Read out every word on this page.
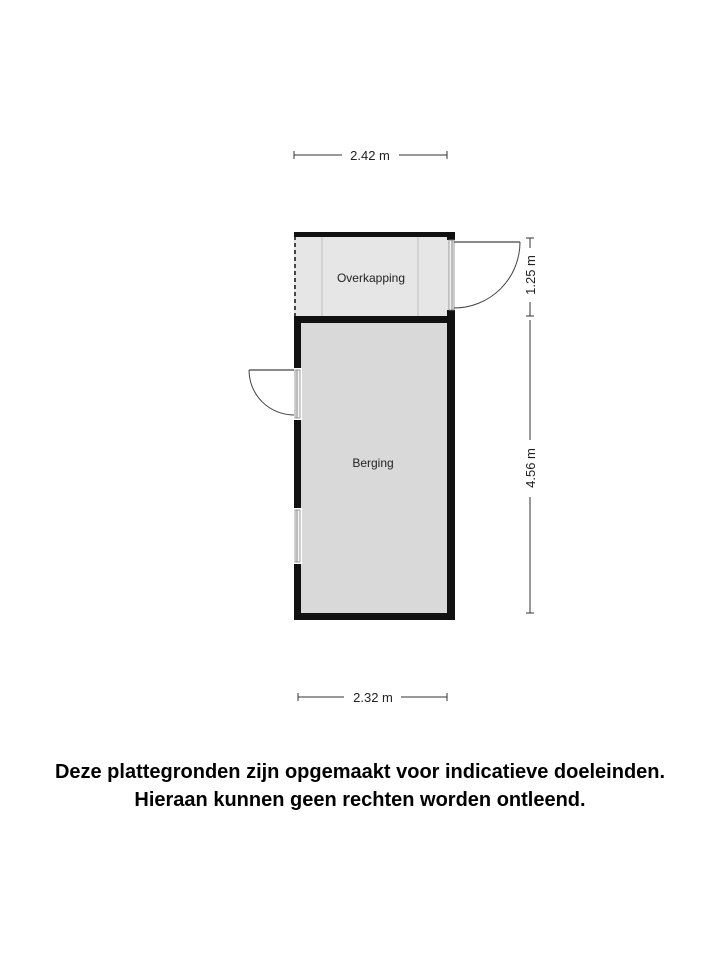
2.42 m
Overkapping
Berging
1.25 m
4.56 m
2.32 m
Deze plattegronden zijn opgemaakt voor indicatieve doeleinden.
Hieraan kunnen geen rechten worden ontleend.
